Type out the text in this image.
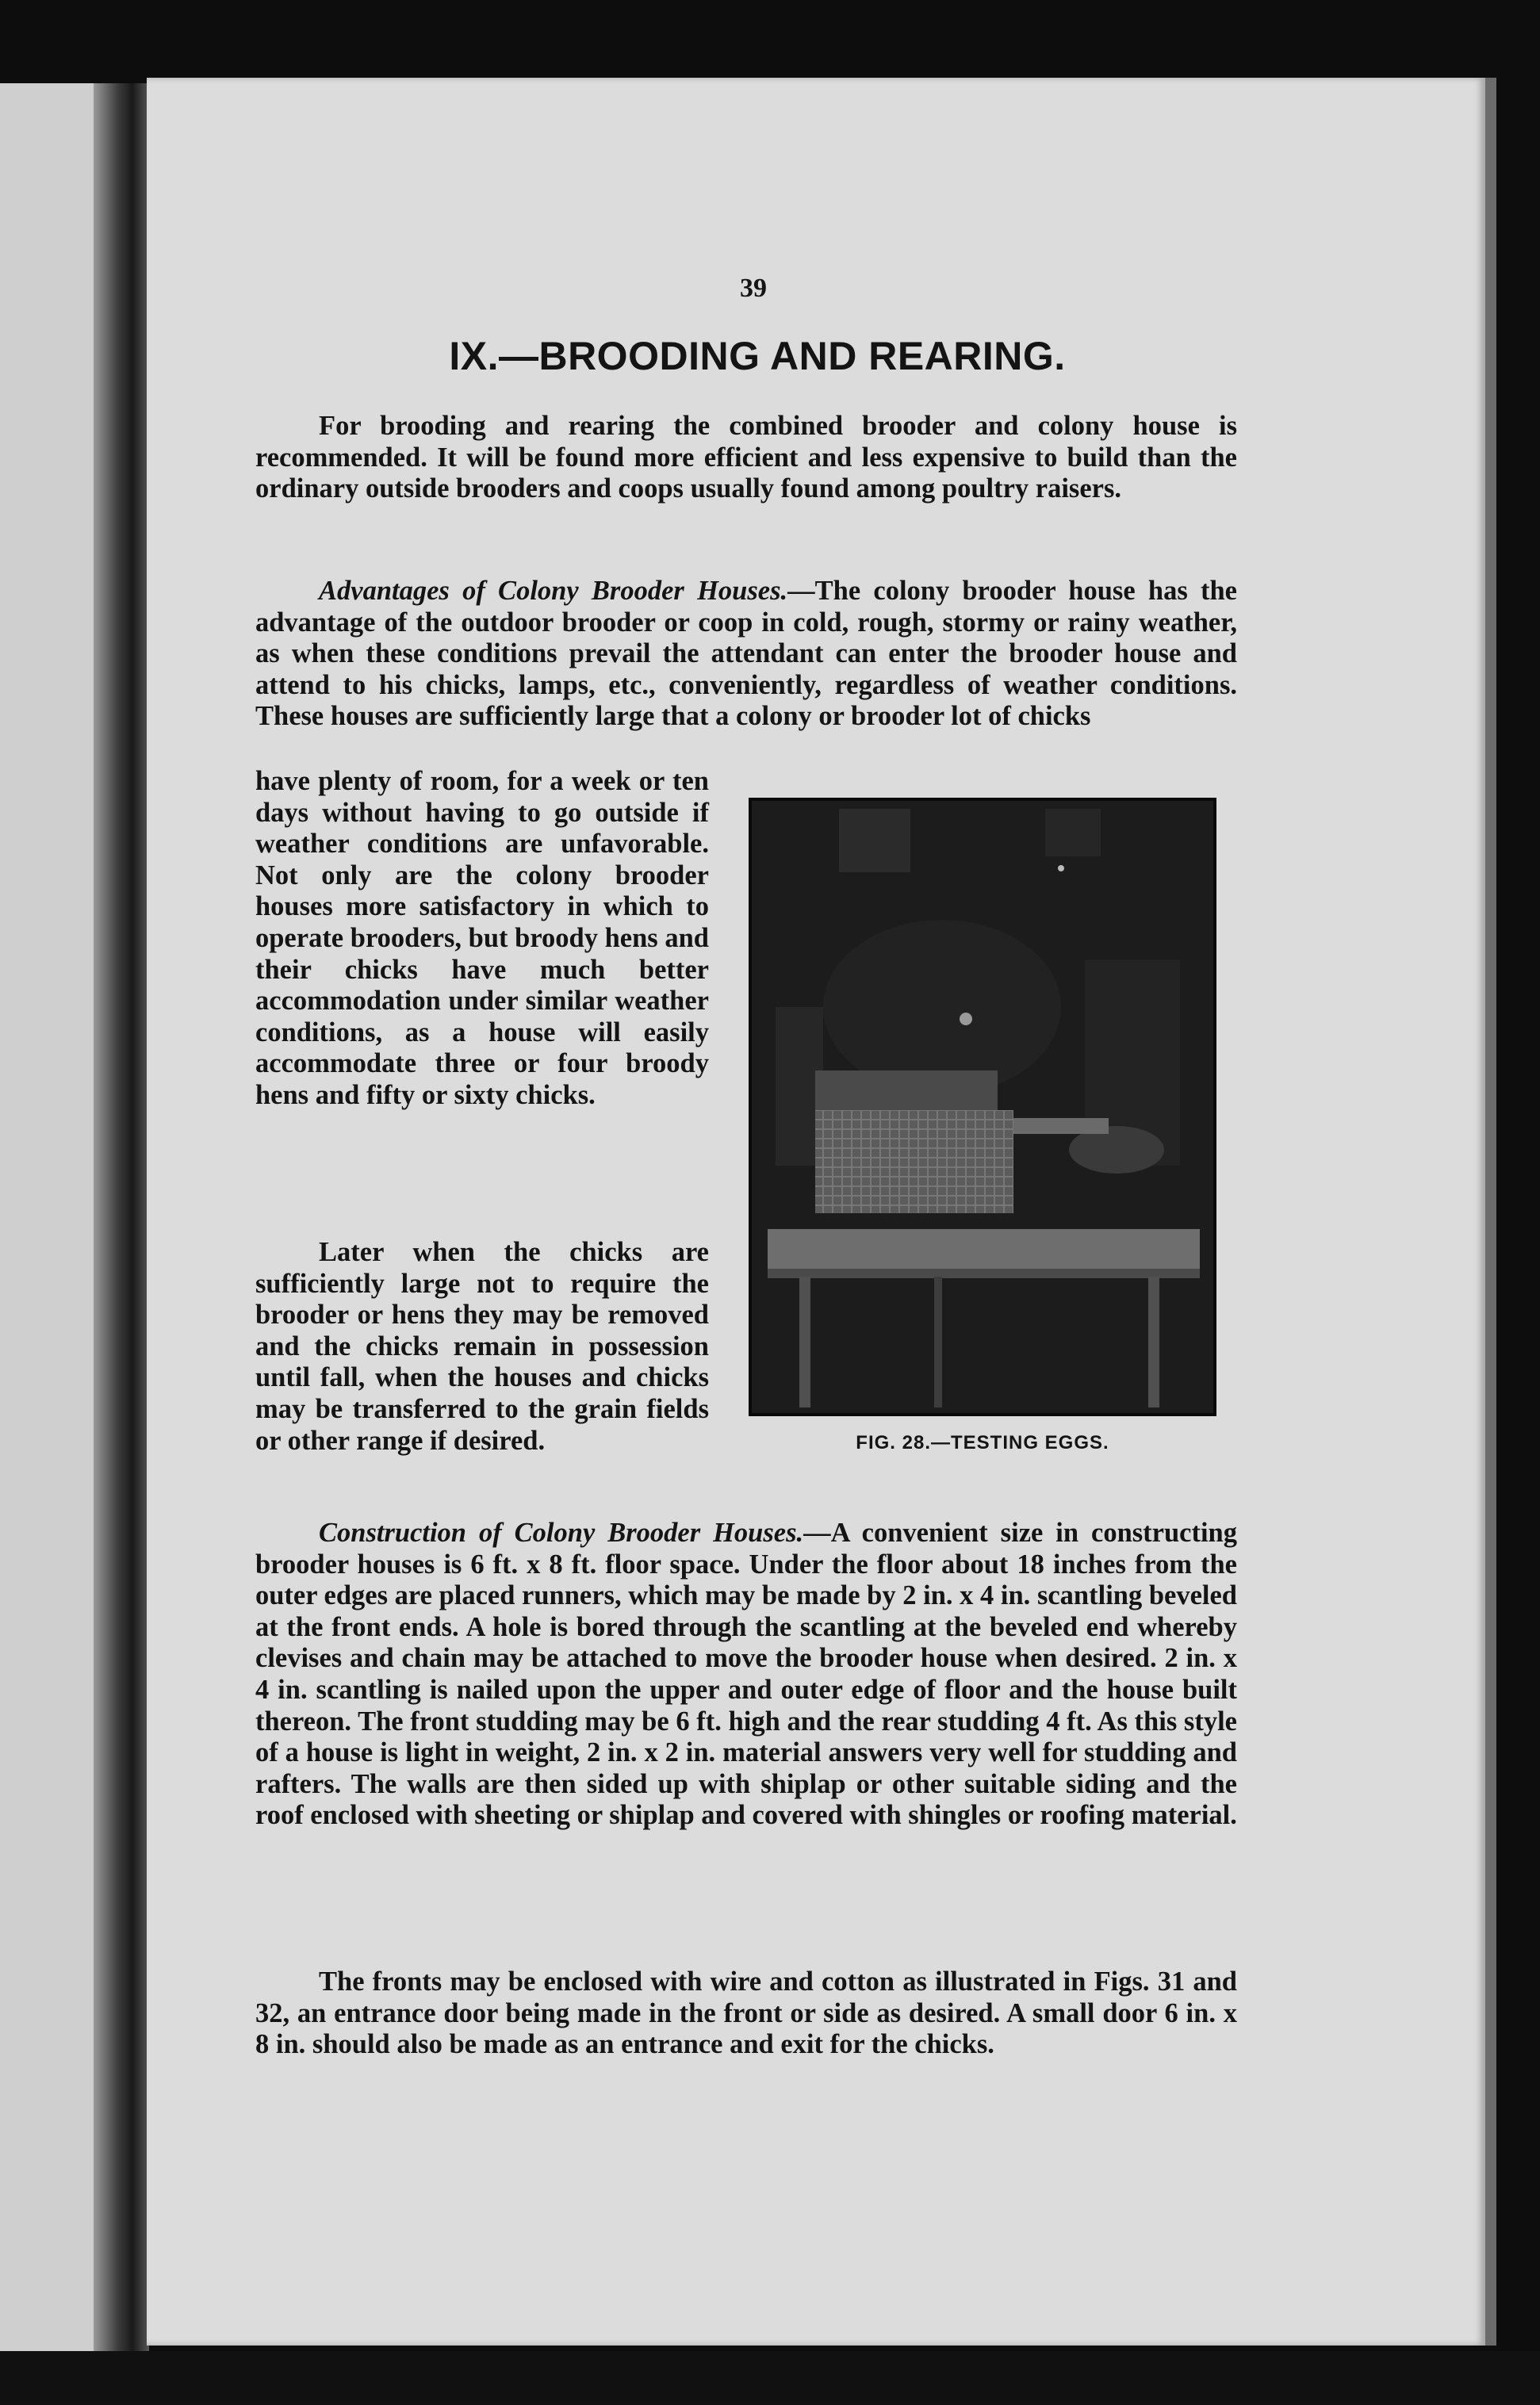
39
IX.—BROODING AND REARING.

For brooding and rearing the combined brooder and colony house is recommended. It will be found more efficient and less expensive to build than the ordinary outside brooders and coops usually found among poultry raisers.

Advantages of Colony Brooder Houses.—The colony brooder house has the advantage of the outdoor brooder or coop in cold, rough, stormy or rainy weather, as when these conditions prevail the attendant can enter the brooder house and attend to his chicks, lamps, etc., conveniently, regardless of weather conditions. These houses are sufficiently large that a colony or brooder lot of chicks

have plenty of room, for a week or ten days without having to go outside if weather conditions are unfavorable. Not only are the colony brooder houses more satisfactory in which to operate brooders, but broody hens and their chicks have much better accommodation under similar weather conditions, as a house will easily accommodate three or four broody hens and fifty or sixty chicks.

Later when the chicks are sufficiently large not to require the brooder or hens they may be removed and the chicks remain in possession until fall, when the houses and chicks may be transferred to the grain fields or other range if desired.	FIG. 28.—TESTING EGGS.

Construction of Colony Brooder Houses.—A convenient size in constructing brooder houses is 6 ft. x 8 ft. floor space. Under the floor about 18 inches from the outer edges are placed runners, which may be made by 2 in. x 4 in. scantling beveled at the front ends. A hole is bored through the scantling at the beveled end whereby clevises and chain may be attached to move the brooder house when desired. 2 in. x 4 in. scantling is nailed upon the upper and outer edge of floor and the house built thereon. The front studding may be 6 ft. high and the rear studding 4 ft. As this style of a house is light in weight, 2 in. x 2 in. material answers very well for studding and rafters. The walls are then sided up with shiplap or other suitable siding and the roof enclosed with sheeting or shiplap and covered with shingles or roofing material.

The fronts may be enclosed with wire and cotton as illustrated in Figs. 31 and 32, an entrance door being made in the front or side as desired. A small door 6 in. x 8 in. should also be made as an entrance and exit for the chicks.
